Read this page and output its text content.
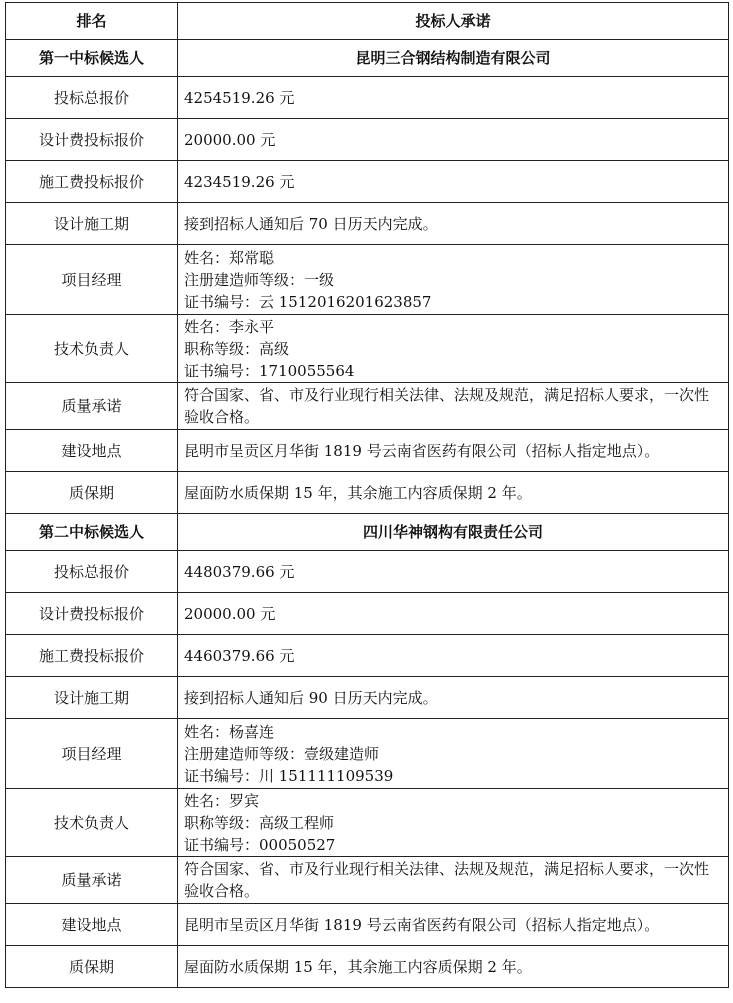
排名	投标人承诺
第一中标候选人	昆明三合钢结构制造有限公司
投标总报价	4254519.26 元
设计费投标报价	20000.00 元
施工费投标报价	4234519.26 元
设计施工期	接到招标人通知后 70 日历天内完成。
项目经理	姓名：郑常聪
注册建造师等级：一级
证书编号：云 1512016201623857

技术负责人	姓名：李永平
职称等级：高级
证书编号：1710055564

质量承诺	符合国家、省、市及行业现行相关法律、法规及规范，满足招标人要求，一次性验收合格。

建设地点	昆明市呈贡区月华街 1819 号云南省医药有限公司（招标人指定地点）。
质保期	屋面防水质保期 15 年，其余施工内容质保期 2 年。
第二中标候选人	四川华神钢构有限责任公司
投标总报价	4480379.66 元
设计费投标报价	20000.00 元
施工费投标报价	4460379.66 元
设计施工期	接到招标人通知后 90 日历天内完成。
项目经理	姓名：杨喜连
注册建造师等级：壹级建造师
证书编号：川 151111109539

技术负责人	姓名：罗宾
职称等级：高级工程师
证书编号：00050527

质量承诺	符合国家、省、市及行业现行相关法律、法规及规范，满足招标人要求，一次性验收合格。

建设地点	昆明市呈贡区月华街 1819 号云南省医药有限公司（招标人指定地点）。
质保期	屋面防水质保期 15 年，其余施工内容质保期 2 年。
